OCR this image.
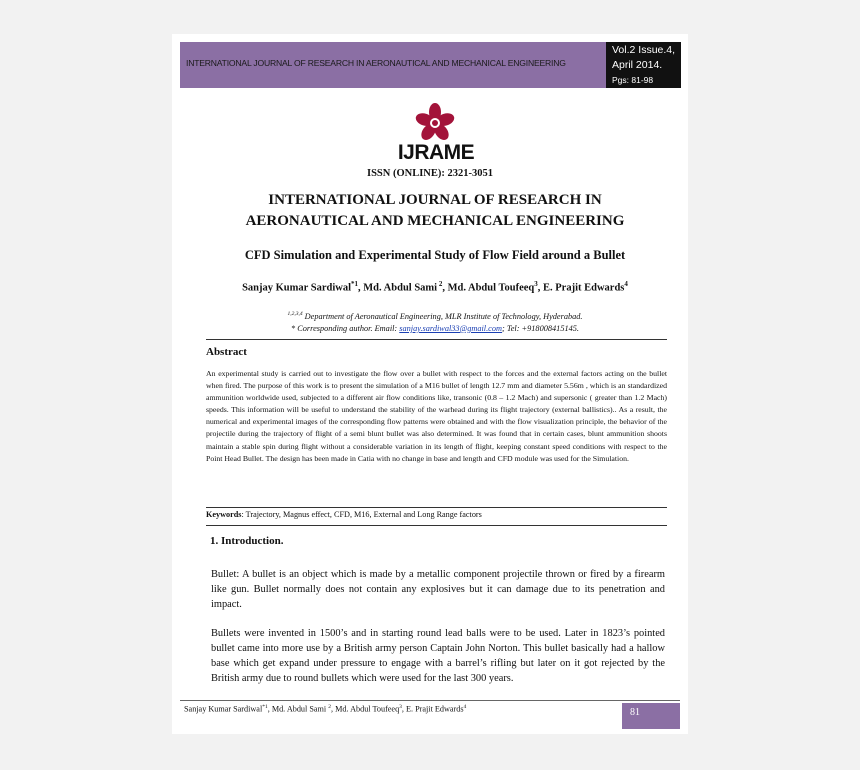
INTERNATIONAL JOURNAL OF RESEARCH IN AERONAUTICAL AND MECHANICAL ENGINEERING
Vol.2 Issue.4,
April 2014.
Pgs: 81-98
IJRAME
ISSN (ONLINE): 2321-3051
INTERNATIONAL JOURNAL OF RESEARCH IN
AERONAUTICAL AND MECHANICAL ENGINEERING
CFD Simulation and Experimental Study of Flow Field around a Bullet
Sanjay Kumar Sardiwal$^{*1}$, Md. Abdul Sami $^2$, Md. Abdul Toufeeq$^3$, E. Prajit Edwards$^4$
$^{1,2,3,4}$ Department of Aeronautical Engineering, MLR Institute of Technology, Hyderabad.
* Corresponding author. Email: sanjay.sardiwal33@gmail.com; Tel: +918008415145.
Abstract
An experimental study is carried out to investigate the flow over a bullet with respect to the forces and the external factors acting on the bullet when fired. The purpose of this work is to present the simulation of a M16 bullet of length 12.7 mm and diameter 5.56m , which is an standardized ammunition worldwide used, subjected to a different air flow conditions like, transonic (0.8 – 1.2 Mach) and supersonic ( greater than 1.2 Mach) speeds. This information will be useful to understand the stability of the warhead during its flight trajectory (external ballistics).. As a result, the numerical and experimental images of the corresponding flow patterns were obtained and with the flow visualization principle, the behavior of the projectile during the trajectory of flight of a semi blunt bullet was also determined. It was found that in certain cases, blunt ammunition shoots maintain a stable spin during flight without a considerable variation in its length of flight, keeping constant speed conditions with respect to the Point Head Bullet. The design has been made in Catia with no change in base and length and CFD module was used for the Simulation.
Keywords: Trajectory, Magnus effect, CFD, M16, External and Long Range factors
1. Introduction.
Bullet: A bullet is an object which is made by a metallic component projectile thrown or fired by a firearm like gun. Bullet normally does not contain any explosives but it can damage due to its penetration and impact.
Bullets were invented in 1500’s and in starting round lead balls were to be used. Later in 1823’s pointed bullet came into more use by a British army person Captain John Norton. This bullet basically had a hallow base which get expand under pressure to engage with a barrel’s rifling but later on it got rejected by the British army due to round bullets which were used for the last 300 years.
Sanjay Kumar Sardiwal$^{*1}$, Md. Abdul Sami $^2$, Md. Abdul Toufeeq$^3$, E. Prajit Edwards$^4$	81
